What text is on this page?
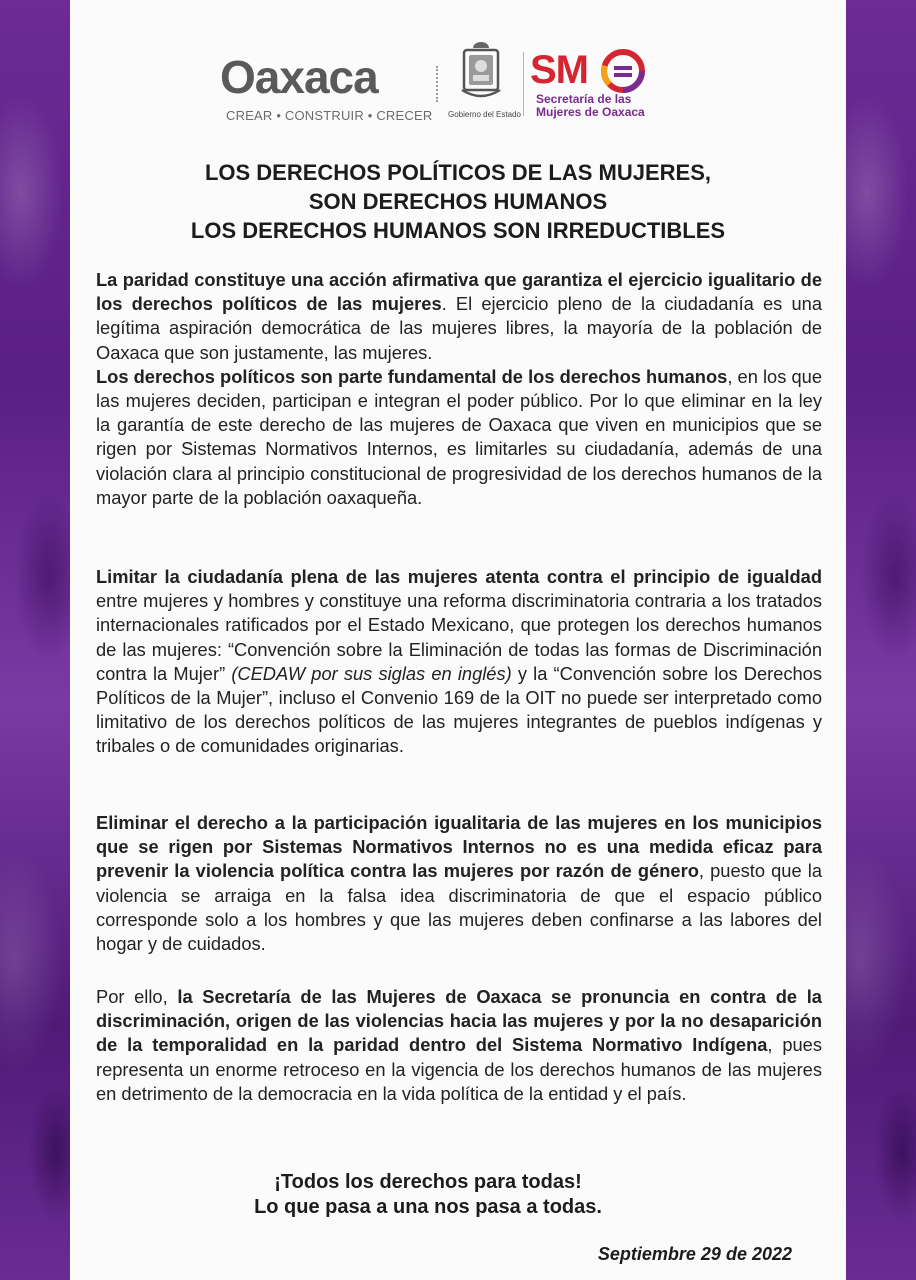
Oaxaca
CREAR • CONSTRUIR • CRECER Gobierno del Estado
SM
Secretaría de las
Mujeres de Oaxaca
LOS DERECHOS POLÍTICOS DE LAS MUJERES,
SON DERECHOS HUMANOS
LOS DERECHOS HUMANOS SON IRREDUCTIBLES

La paridad constituye una acción afirmativa que garantiza el ejercicio igualitario de los derechos políticos de las mujeres. El ejercicio pleno de la ciudadanía es una legítima aspiración democrática de las mujeres libres, la mayoría de la población de Oaxaca que son justamente, las mujeres.

Los derechos políticos son parte fundamental de los derechos humanos, en los que las mujeres deciden, participan e integran el poder público. Por lo que eliminar en la ley la garantía de este derecho de las mujeres de Oaxaca que viven en municipios que se rigen por Sistemas Normativos Internos, es limitarles su ciudadanía, además de una violación clara al principio constitucional de progresividad de los derechos humanos de la mayor parte de la población oaxaqueña.

Limitar la ciudadanía plena de las mujeres atenta contra el principio de igualdad entre mujeres y hombres y constituye una reforma discriminatoria contraria a los tratados internacionales ratificados por el Estado Mexicano, que protegen los derechos humanos de las mujeres: “Convención sobre la Eliminación de todas las formas de Discriminación contra la Mujer” (CEDAW por sus siglas en inglés) y la “Convención sobre los Derechos Políticos de la Mujer”, incluso el Convenio 169 de la OIT no puede ser interpretado como limitativo de los derechos políticos de las mujeres integrantes de pueblos indígenas y tribales o de comunidades originarias.

Eliminar el derecho a la participación igualitaria de las mujeres en los municipios que se rigen por Sistemas Normativos Internos no es una medida eficaz para prevenir la violencia política contra las mujeres por razón de género, puesto que la violencia se arraiga en la falsa idea discriminatoria de que el espacio público corresponde solo a los hombres y que las mujeres deben confinarse a las labores del hogar y de cuidados.

Por ello, la Secretaría de las Mujeres de Oaxaca se pronuncia en contra de la discriminación, origen de las violencias hacia las mujeres y por la no desaparición de la temporalidad en la paridad dentro del Sistema Normativo Indígena, pues representa un enorme retroceso en la vigencia de los derechos humanos de las mujeres en detrimento de la democracia en la vida política de la entidad y el país.

¡Todos los derechos para todas!
Lo que pasa a una nos pasa a todas.
Septiembre 29 de 2022
